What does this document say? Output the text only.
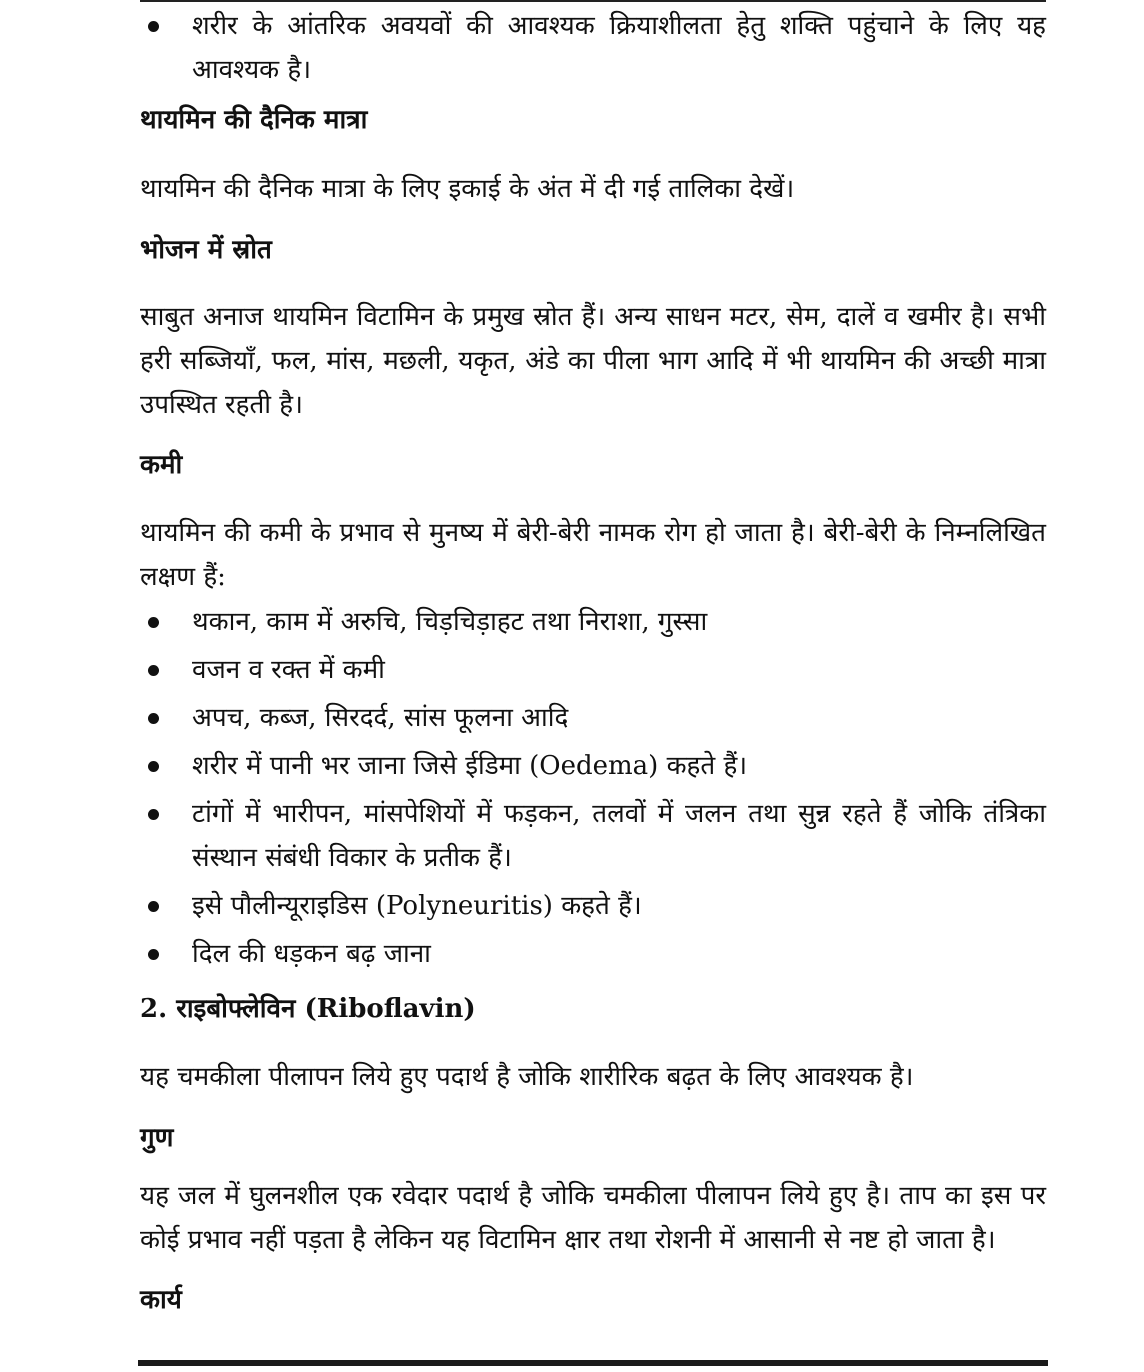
शरीर के आंतरिक अवयवों की आवश्यक क्रियाशीलता हेतु शक्ति पहुंचाने के लिए यह आवश्यक है।
थायमिन की दैनिक मात्रा

थायमिन की दैनिक मात्रा के लिए इकाई के अंत में दी गई तालिका देखें।

भोजन में स्रोत

साबुत अनाज थायमिन विटामिन के प्रमुख स्रोत हैं। अन्य साधन मटर, सेम, दालें व खमीर है। सभी हरी सब्जियाँ, फल, मांस, मछली, यकृत, अंडे का पीला भाग आदि में भी थायमिन की अच्छी मात्रा उपस्थित रहती है।

कमी

थायमिन की कमी के प्रभाव से मुनष्य में बेरी-बेरी नामक रोग हो जाता है। बेरी-बेरी के निम्नलिखित लक्षण हैं:

थकान, काम में अरुचि, चिड़चिड़ाहट तथा निराशा, गुस्सा
वजन व रक्त में कमी
अपच, कब्ज, सिरदर्द, सांस फूलना आदि
शरीर में पानी भर जाना जिसे ईडिमा (Oedema) कहते हैं।
टांगों में भारीपन, मांसपेशियों में फड़कन, तलवों में जलन तथा सुन्न रहते हैं जोकि तंत्रिका संस्थान संबंधी विकार के प्रतीक हैं।
इसे पौलीन्यूराइडिस (Polyneuritis) कहते हैं।
दिल की धड़कन बढ़ जाना
2. राइबोफ्लेविन (Riboflavin)

यह चमकीला पीलापन लिये हुए पदार्थ है जोकि शारीरिक बढ़त के लिए आवश्यक है।

गुण

यह जल में घुलनशील एक रवेदार पदार्थ है जोकि चमकीला पीलापन लिये हुए है। ताप का इस पर कोई प्रभाव नहीं पड़ता है लेकिन यह विटामिन क्षार तथा रोशनी में आसानी से नष्ट हो जाता है।

कार्य
